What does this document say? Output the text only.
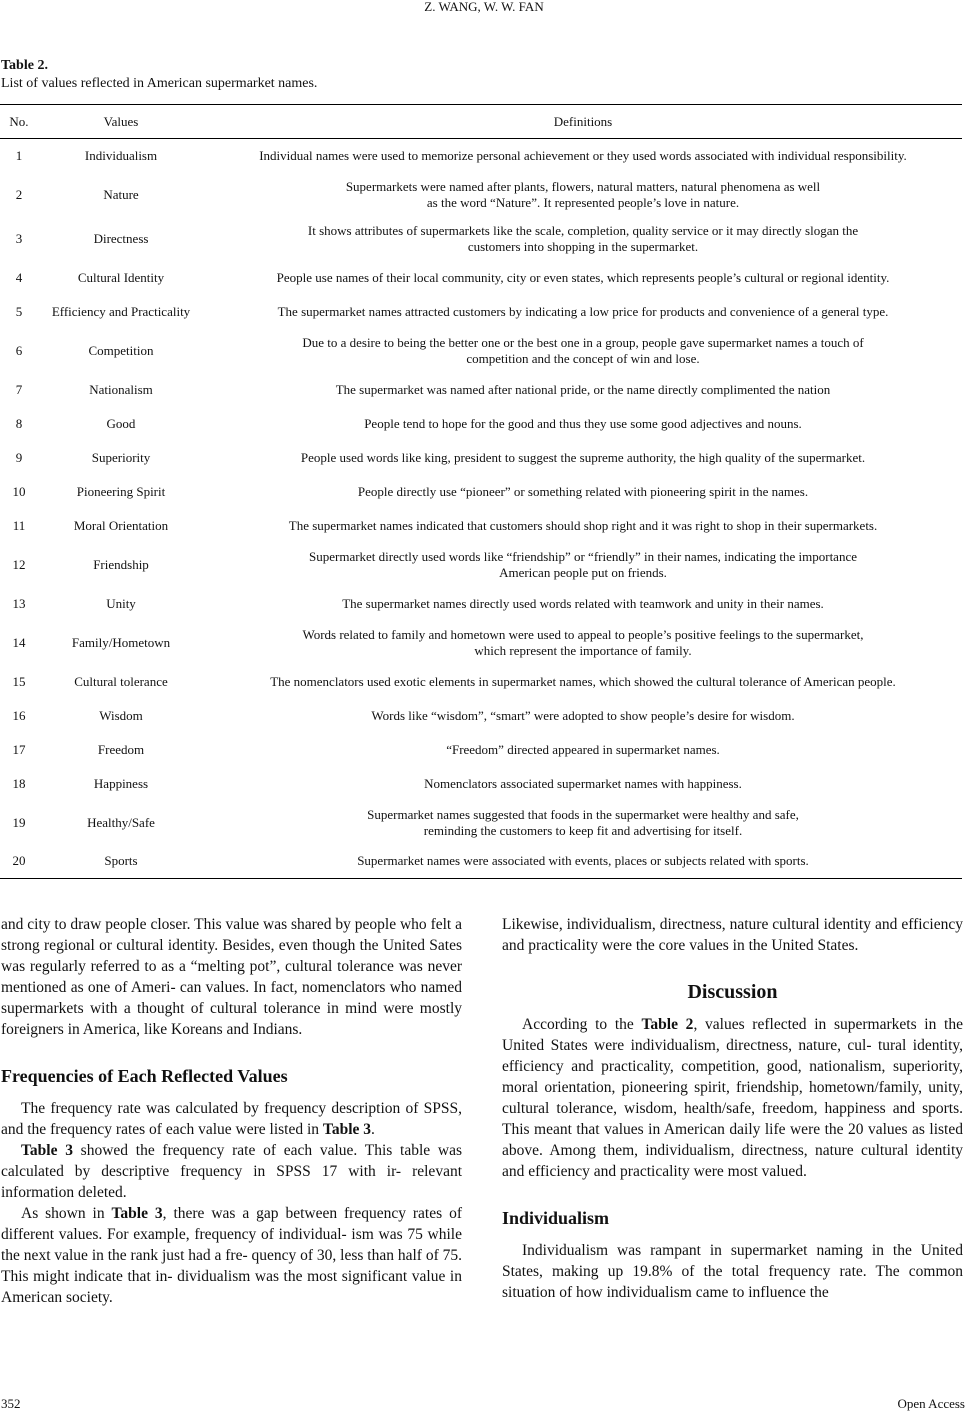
Z. WANG, W. W. FAN
Table 2.
List of values reflected in American supermarket names.
No.	Values	Definitions
1	Individualism	Individual names were used to memorize personal achievement or they used words associated with individual responsibility.
2	Nature	Supermarkets were named after plants, flowers, natural matters, natural phenomena as well
as the word “Nature”. It represented people’s love in nature.
3	Directness	It shows attributes of supermarkets like the scale, completion, quality service or it may directly slogan the
customers into shopping in the supermarket.
4	Cultural Identity	People use names of their local community, city or even states, which represents people’s cultural or regional identity.
5	Efficiency and Practicality	The supermarket names attracted customers by indicating a low price for products and convenience of a general type.
6	Competition	Due to a desire to being the better one or the best one in a group, people gave supermarket names a touch of
competition and the concept of win and lose.
7	Nationalism	The supermarket was named after national pride, or the name directly complimented the nation
8	Good	People tend to hope for the good and thus they use some good adjectives and nouns.
9	Superiority	People used words like king, president to suggest the supreme authority, the high quality of the supermarket.
10	Pioneering Spirit	People directly use “pioneer” or something related with pioneering spirit in the names.
11	Moral Orientation	The supermarket names indicated that customers should shop right and it was right to shop in their supermarkets.
12	Friendship	Supermarket directly used words like “friendship” or “friendly” in their names, indicating the importance
American people put on friends.
13	Unity	The supermarket names directly used words related with teamwork and unity in their names.
14	Family/Hometown	Words related to family and hometown were used to appeal to people’s positive feelings to the supermarket,
which represent the importance of family.
15	Cultural tolerance	The nomenclators used exotic elements in supermarket names, which showed the cultural tolerance of American people.
16	Wisdom	Words like “wisdom”, “smart” were adopted to show people’s desire for wisdom.
17	Freedom	“Freedom” directed appeared in supermarket names.
18	Happiness	Nomenclators associated supermarket names with happiness.
19	Healthy/Safe	Supermarket names suggested that foods in the supermarket were healthy and safe,
reminding the customers to keep fit and advertising for itself.
20	Sports	Supermarket names were associated with events, places or subjects related with sports.

and city to draw people closer. This value was shared by people who felt a strong regional or cultural identity. Besides, even though the United Sates was regularly referred to as a “melting pot”, cultural tolerance was never mentioned as one of Ameri- can values. In fact, nomenclators who named supermarkets with a thought of cultural tolerance in mind were mostly foreigners in America, like Koreans and Indians.

Frequencies of Each Reflected Values

The frequency rate was calculated by frequency description of SPSS, and the frequency rates of each value were listed in Table 3.

Table 3 showed the frequency rate of each value. This table was calculated by descriptive frequency in SPSS 17 with ir- relevant information deleted.

As shown in Table 3, there was a gap between frequency rates of different values. For example, frequency of individual- ism was 75 while the next value in the rank just had a fre- quency of 30, less than half of 75. This might indicate that in- dividualism was the most significant value in American society.

Likewise, individualism, directness, nature cultural identity and efficiency and practicality were the core values in the United States.

Discussion

According to the Table 2, values reflected in supermarkets in the United States were individualism, directness, nature, cul- tural identity, efficiency and practicality, competition, good, nationalism, superiority, moral orientation, pioneering spirit, friendship, hometown/family, unity, cultural tolerance, wisdom, health/safe, freedom, happiness and sports. This meant that values in American daily life were the 20 values as listed above. Among them, individualism, directness, nature cultural identity and efficiency and practicality were most valued.

Individualism

Individualism was rampant in supermarket naming in the United States, making up 19.8% of the total frequency rate. The common situation of how individualism came to influence the

352	Open Access
